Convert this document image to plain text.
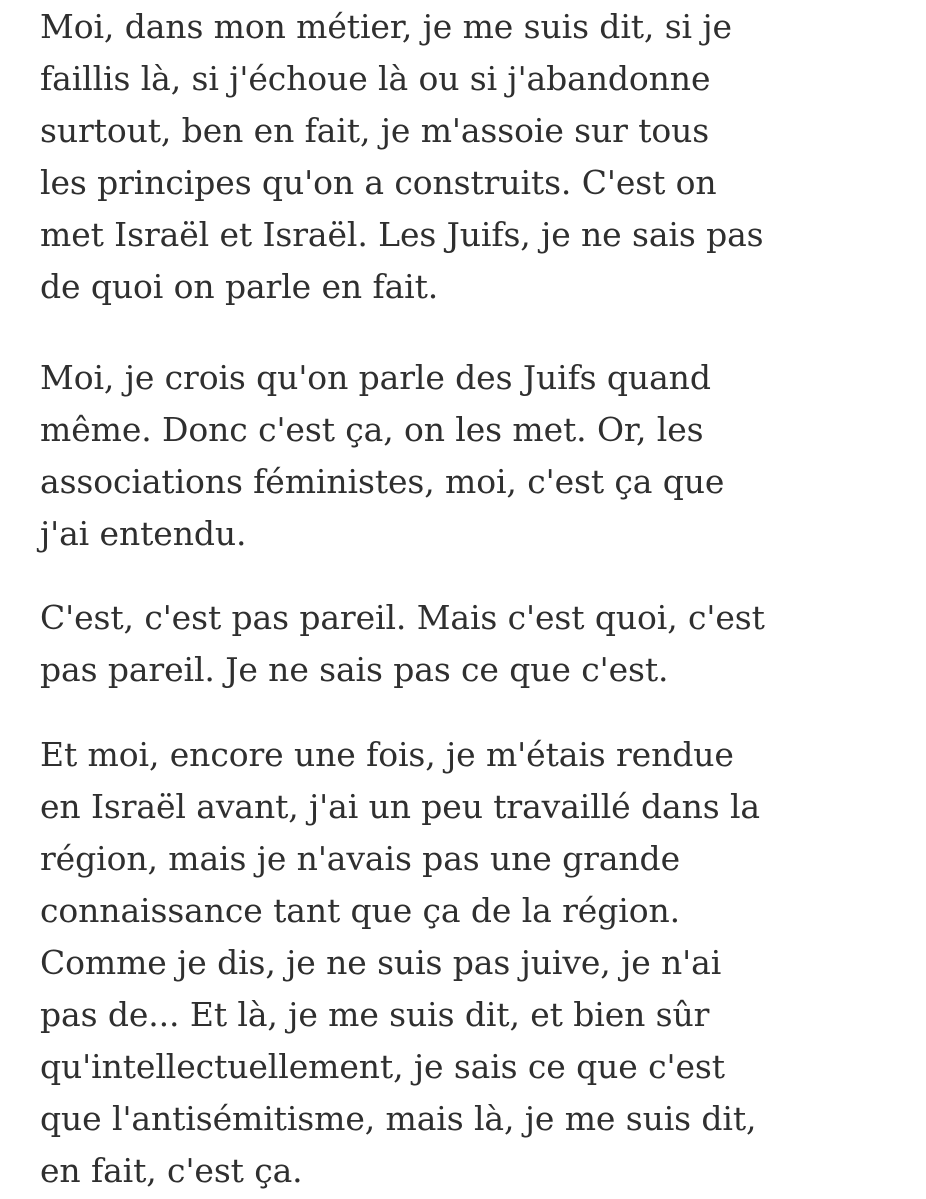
Moi, dans mon métier, je me suis dit, si je
faillis là, si j'échoue là ou si j'abandonne
surtout, ben en fait, je m'assoie sur tous
les principes qu'on a construits. C'est on
met Israël et Israël. Les Juifs, je ne sais pas
de quoi on parle en fait.

Moi, je crois qu'on parle des Juifs quand
même. Donc c'est ça, on les met. Or, les
associations féministes, moi, c'est ça que
j'ai entendu.

C'est, c'est pas pareil. Mais c'est quoi, c'est
pas pareil. Je ne sais pas ce que c'est.

Et moi, encore une fois, je m'étais rendue
en Israël avant, j'ai un peu travaillé dans la
région, mais je n'avais pas une grande
connaissance tant que ça de la région.
Comme je dis, je ne suis pas juive, je n'ai
pas de... Et là, je me suis dit, et bien sûr
qu'intellectuellement, je sais ce que c'est
que l'antisémitisme, mais là, je me suis dit,
en fait, c'est ça.
